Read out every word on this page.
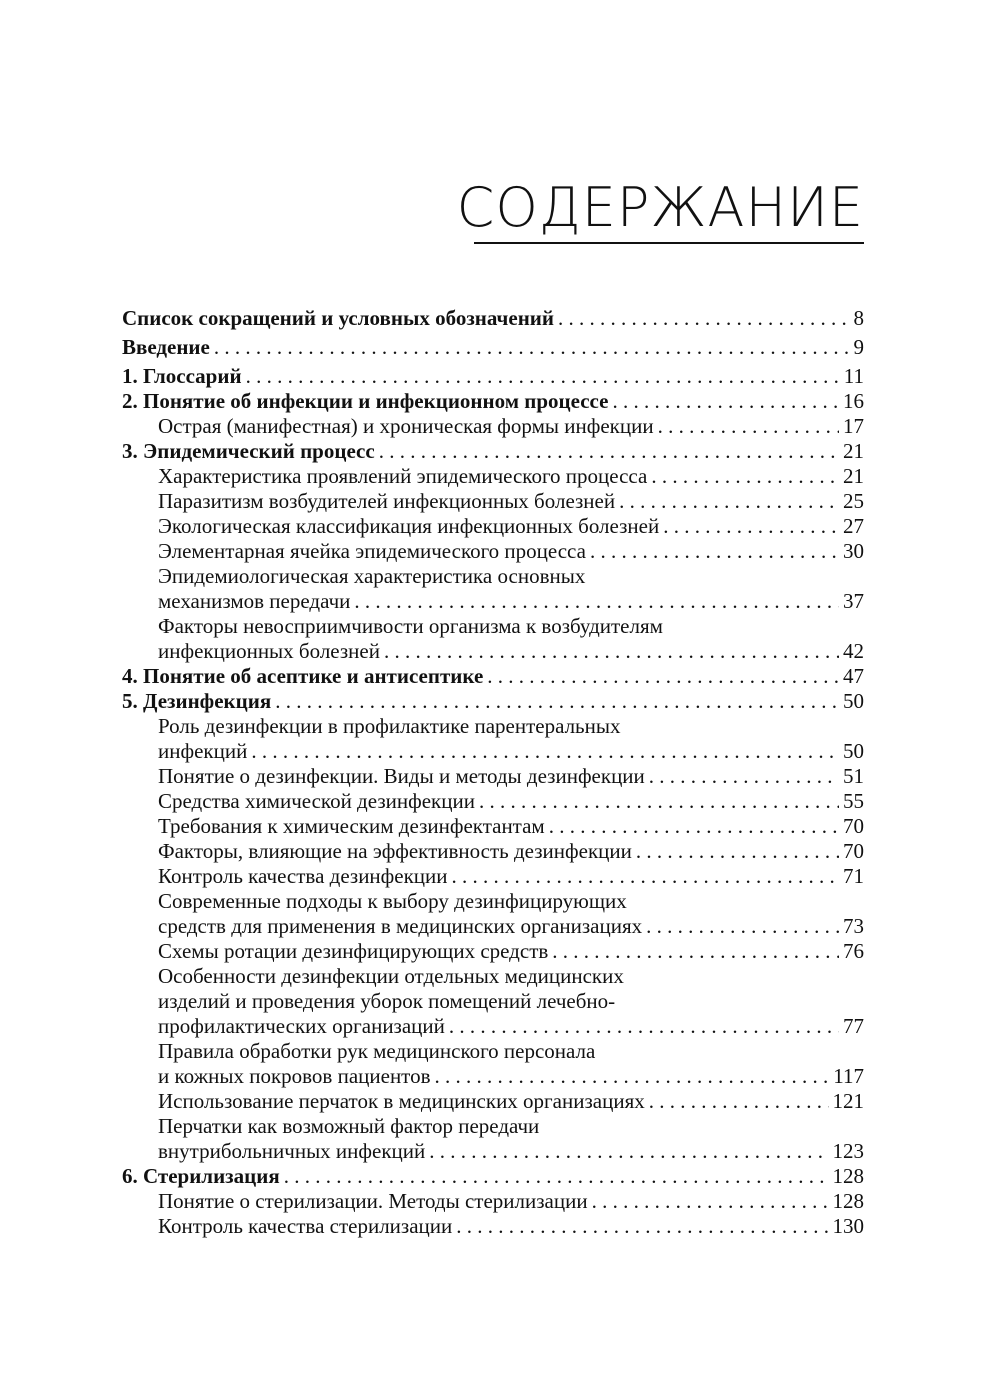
СОДЕРЖАНИЕ
Список сокращений и условных обозначений . . .	8
Введение . . .	9
1. Глоссарий . . .	11
2. Понятие об инфекции и инфекционном процессе . . .	16
Острая (манифестная) и хроническая формы инфекции . . .	17
3. Эпидемический процесс . . .	21
Характеристика проявлений эпидемического процесса . . .	21
Паразитизм возбудителей инфекционных болезней . . .	25
Экологическая классификация инфекционных болезней . . .	27
Элементарная ячейка эпидемического процесса . . .	30
Эпидемиологическая характеристика основных
механизмов передачи . . .	37
Факторы невосприимчивости организма к возбудителям
инфекционных болезней . . .	42
4. Понятие об асептике и антисептике . . .	47
5. Дезинфекция . . .	50
Роль дезинфекции в профилактике парентеральных
инфекций . . .	50
Понятие о дезинфекции. Виды и методы дезинфекции . . .	51
Средства химической дезинфекции . . .	55
Требования к химическим дезинфектантам . . .	70
Факторы, влияющие на эффективность дезинфекции . . .	70
Контроль качества дезинфекции . . .	71
Современные подходы к выбору дезинфицирующих
средств для применения в медицинских организациях . . .	73
Схемы ротации дезинфицирующих средств . . .	76
Особенности дезинфекции отдельных медицинских
изделий и проведения уборок помещений лечебно-
профилактических организаций . . .	77
Правила обработки рук медицинского персонала
и кожных покровов пациентов . . .	117
Использование перчаток в медицинских организациях . . .	121
Перчатки как возможный фактор передачи
внутрибольничных инфекций . . .	123
6. Стерилизация . . .	128
Понятие о стерилизации. Методы стерилизации . . .	128
Контроль качества стерилизации . . .	130
